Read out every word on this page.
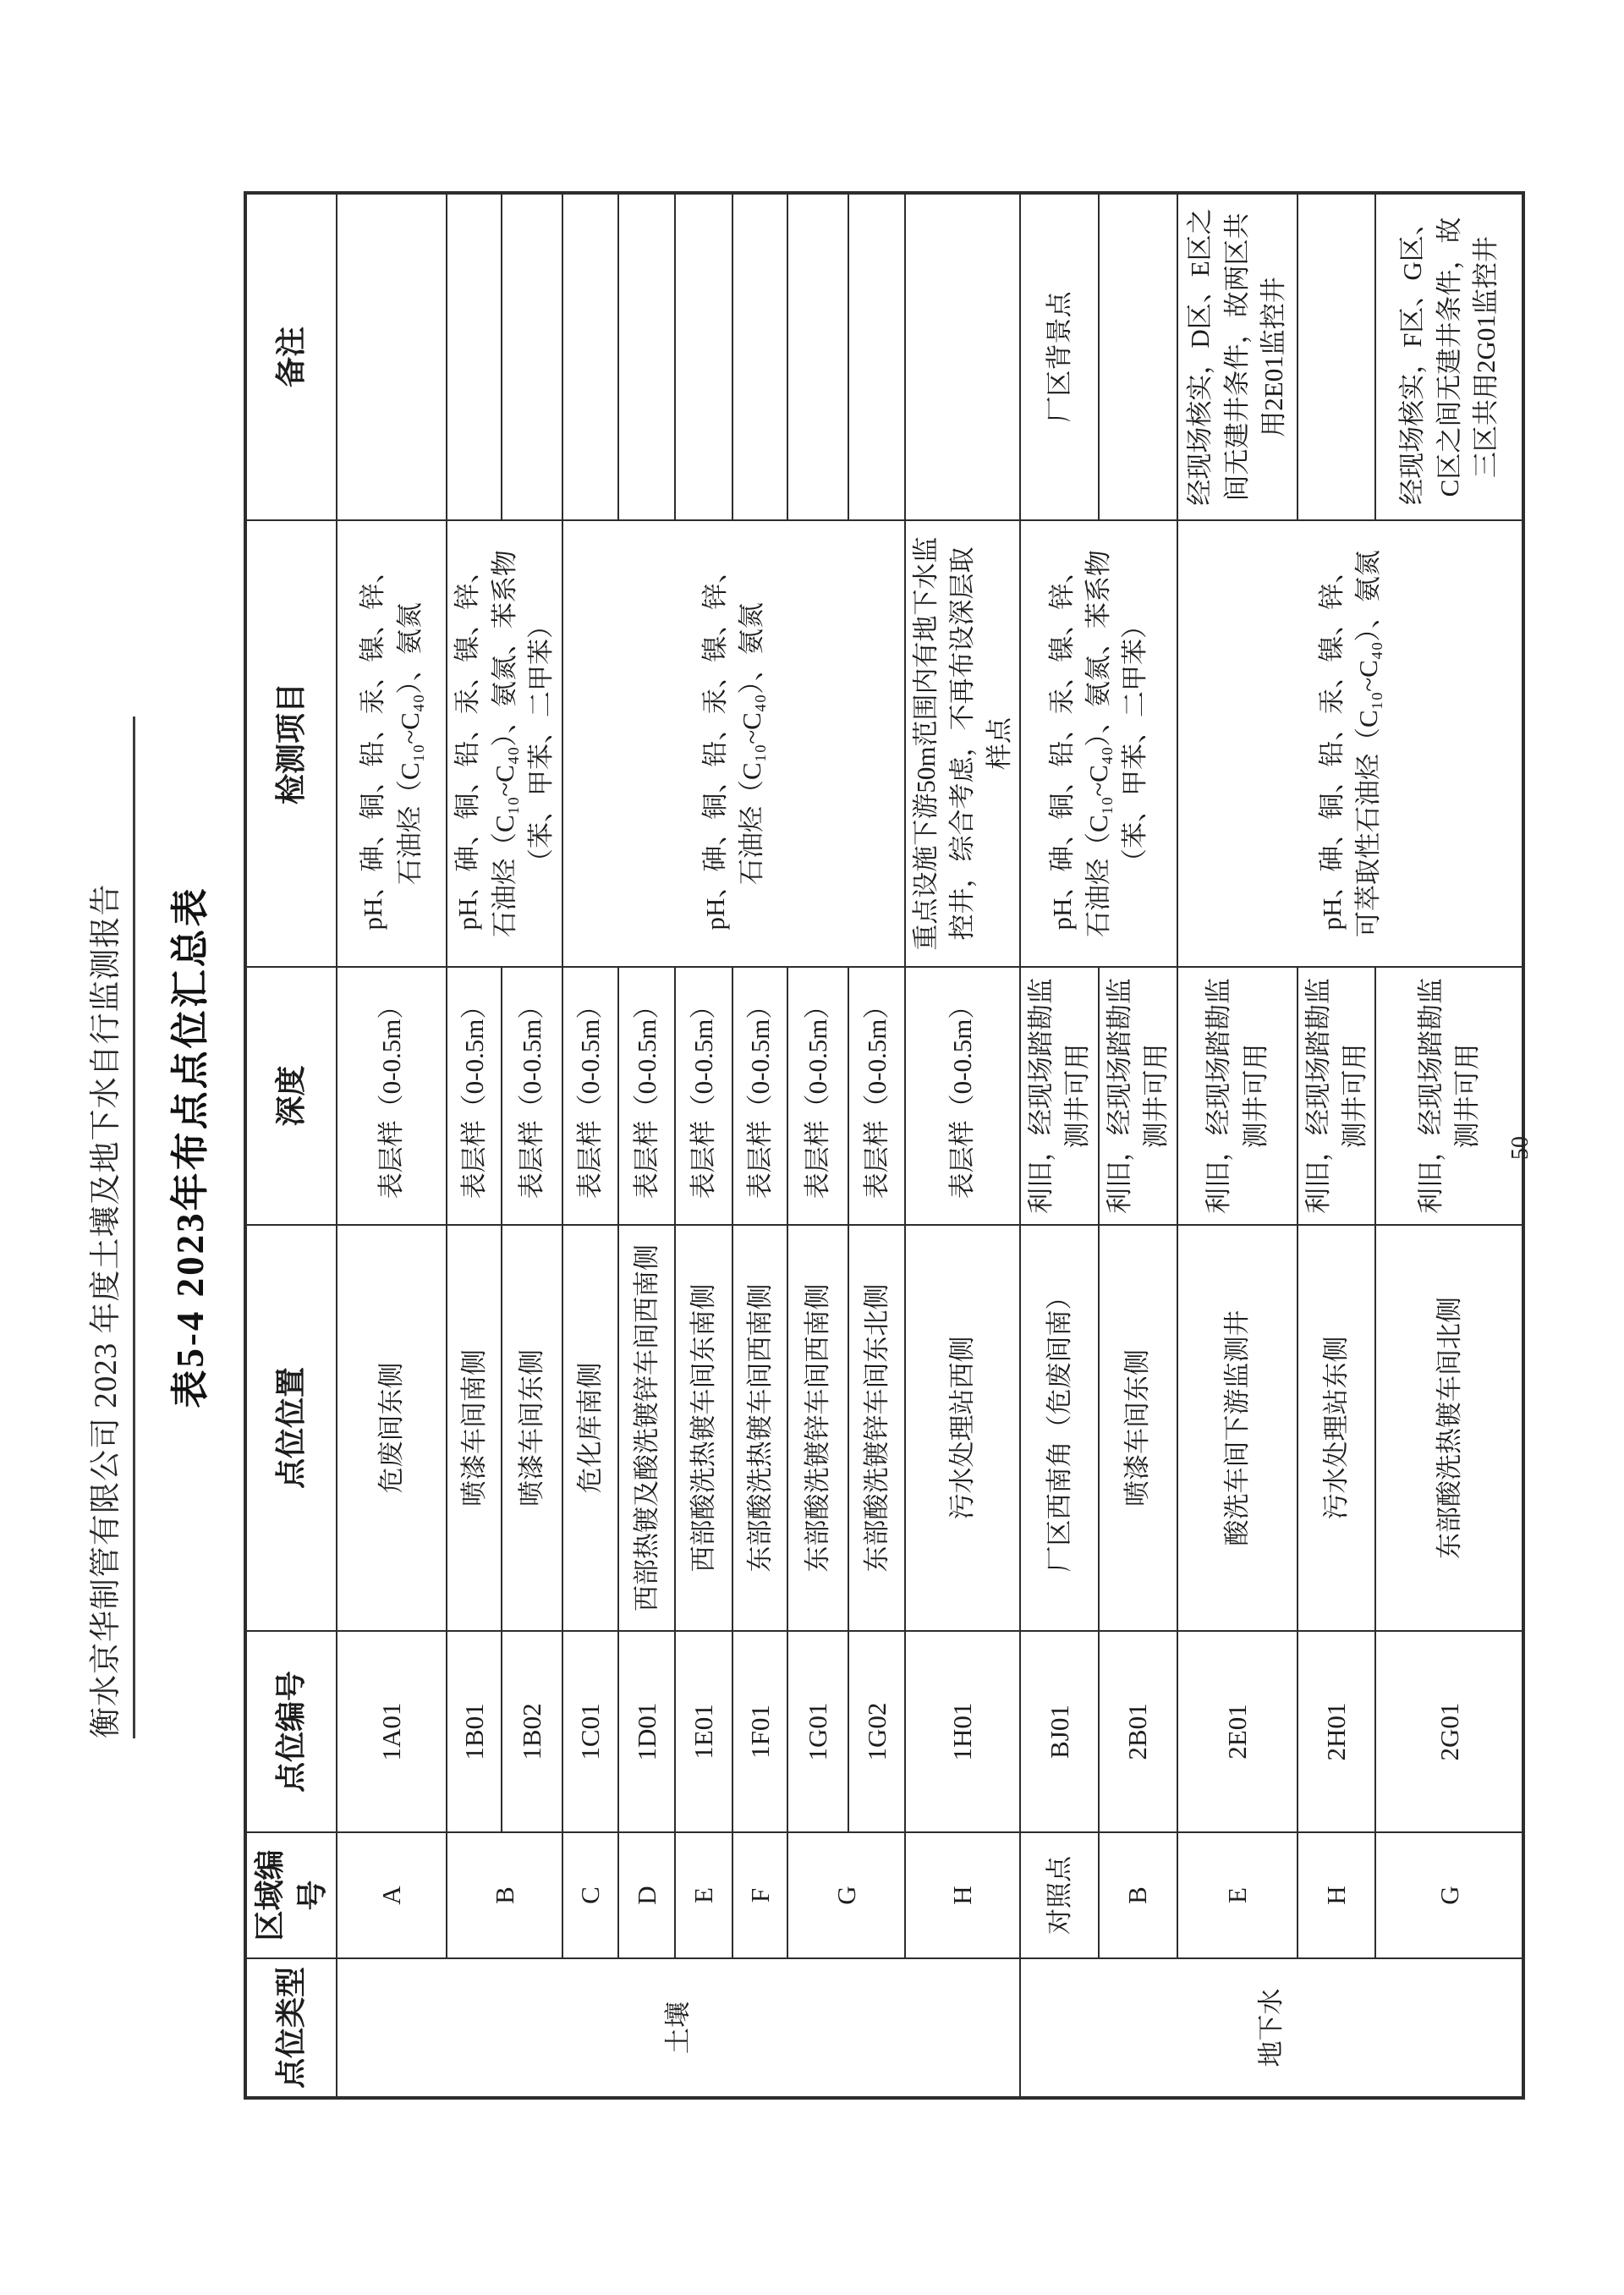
衡水京华制管有限公司 2023 年度土壤及地下水自行监测报告	表5-4 2023年布点点位汇总表
点位类型	区域编号	点位编号	点位位置	深度	检测项目	备注
土壤	A	1A01	危废间东侧	表层样（0-0.5m）	pH、砷、铜、铅、汞、镍、锌、石油烃（C₁₀~C₄₀）、氨氮	
	B	1B01	喷漆车间南侧	表层样（0-0.5m）	pH、砷、铜、铅、汞、镍、锌、石油烃（C₁₀~C₄₀）、氨氮、苯系物（苯、甲苯、二甲苯）	
		1B02	喷漆车间东侧	表层样（0-0.5m）		
	C	1C01	危化库南侧	表层样（0-0.5m）	pH、砷、铜、铅、汞、镍、锌、石油烃（C₁₀~C₄₀）、氨氮	
	D	1D01	西部热镀及酸洗镀锌车间西南侧	表层样（0-0.5m）		
	E	1E01	西部酸洗热镀车间东南侧	表层样（0-0.5m）		
	F	1F01	东部酸洗热镀车间西南侧	表层样（0-0.5m）		
	G	1G01	东部酸洗镀锌车间西南侧	表层样（0-0.5m）		
		1G02	东部酸洗镀锌车间东北侧	表层样（0-0.5m）		
	H	1H01	污水处理站西侧	表层样（0-0.5m）	重点设施下游50m范围内有地下水监控井，综合考虑，不再布设深层取样点	
地下水	对照点	BJ01	厂区西南角（危废间南）	利旧，经现场踏勘监测井可用	pH、砷、铜、铅、汞、镍、锌、石油烃（C₁₀~C₄₀）、氨氮、苯系物（苯、甲苯、二甲苯）	厂区背景点
	B	2B01	喷漆车间东侧	利旧，经现场踏勘监测井可用		
	E	2E01	酸洗车间下游监测井	利旧，经现场踏勘监测井可用	pH、砷、铜、铅、汞、镍、锌、可萃取性石油烃（C₁₀~C₄₀）、氨氮	经现场核实，D区、E区之间无建井条件，故两区共用2E01监控井
	H	2H01	污水处理站东侧	利旧，经现场踏勘监测井可用		
	G	2G01	东部酸洗热镀车间北侧	利旧，经现场踏勘监测井可用		经现场核实，F区、G区、C区之间无建井条件，故三区共用2G01监控井
50
